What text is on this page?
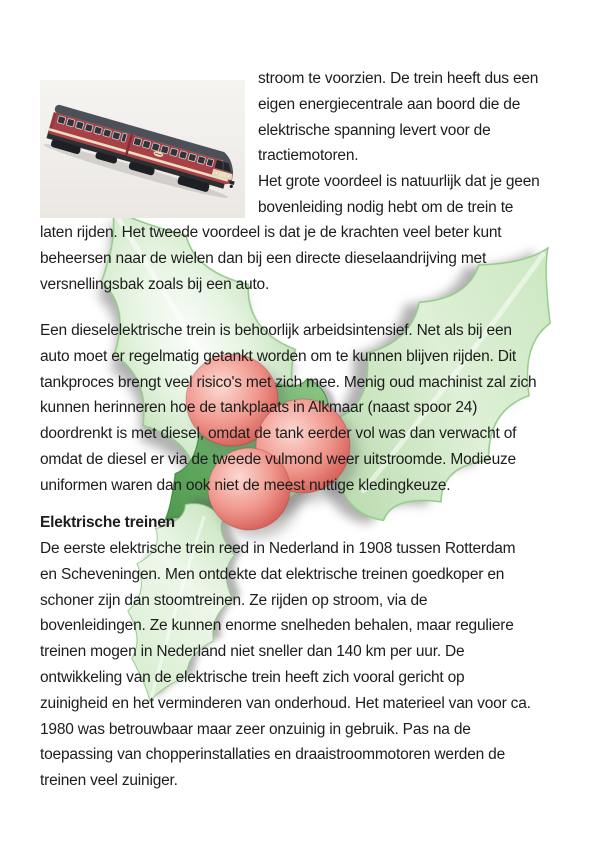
stroom te voorzien. De trein heeft dus een
eigen energiecentrale aan boord die de
elektrische spanning levert voor de
tractiemotoren.
Het grote voordeel is natuurlijk dat je geen
bovenleiding nodig hebt om de trein te
laten rijden. Het tweede voordeel is dat je de krachten veel beter kunt
beheersen naar de wielen dan bij een directe dieselaandrijving met
versnellingsbak zoals bij een auto.
Een dieselelektrische trein is behoorlijk arbeidsintensief. Net als bij een
auto moet er regelmatig getankt worden om te kunnen blijven rijden. Dit
tankproces brengt veel risico's met zich mee. Menig oud machinist zal zich
kunnen herinneren hoe de tankplaats in Alkmaar (naast spoor 24)
doordrenkt is met diesel, omdat de tank eerder vol was dan verwacht of
omdat de diesel er via de tweede vulmond weer uitstroomde. Modieuze
uniformen waren dan ook niet de meest nuttige kledingkeuze.
Elektrische treinen
De eerste elektrische trein reed in Nederland in 1908 tussen Rotterdam
en Scheveningen. Men ontdekte dat elektrische treinen goedkoper en
schoner zijn dan stoomtreinen. Ze rijden op stroom, via de
bovenleidingen. Ze kunnen enorme snelheden behalen, maar reguliere
treinen mogen in Nederland niet sneller dan 140 km per uur. De
ontwikkeling van de elektrische trein heeft zich vooral gericht op
zuinigheid en het verminderen van onderhoud. Het materieel van voor ca.
1980 was betrouwbaar maar zeer onzuinig in gebruik. Pas na de
toepassing van chopperinstallaties en draaistroommotoren werden de
treinen veel zuiniger.
